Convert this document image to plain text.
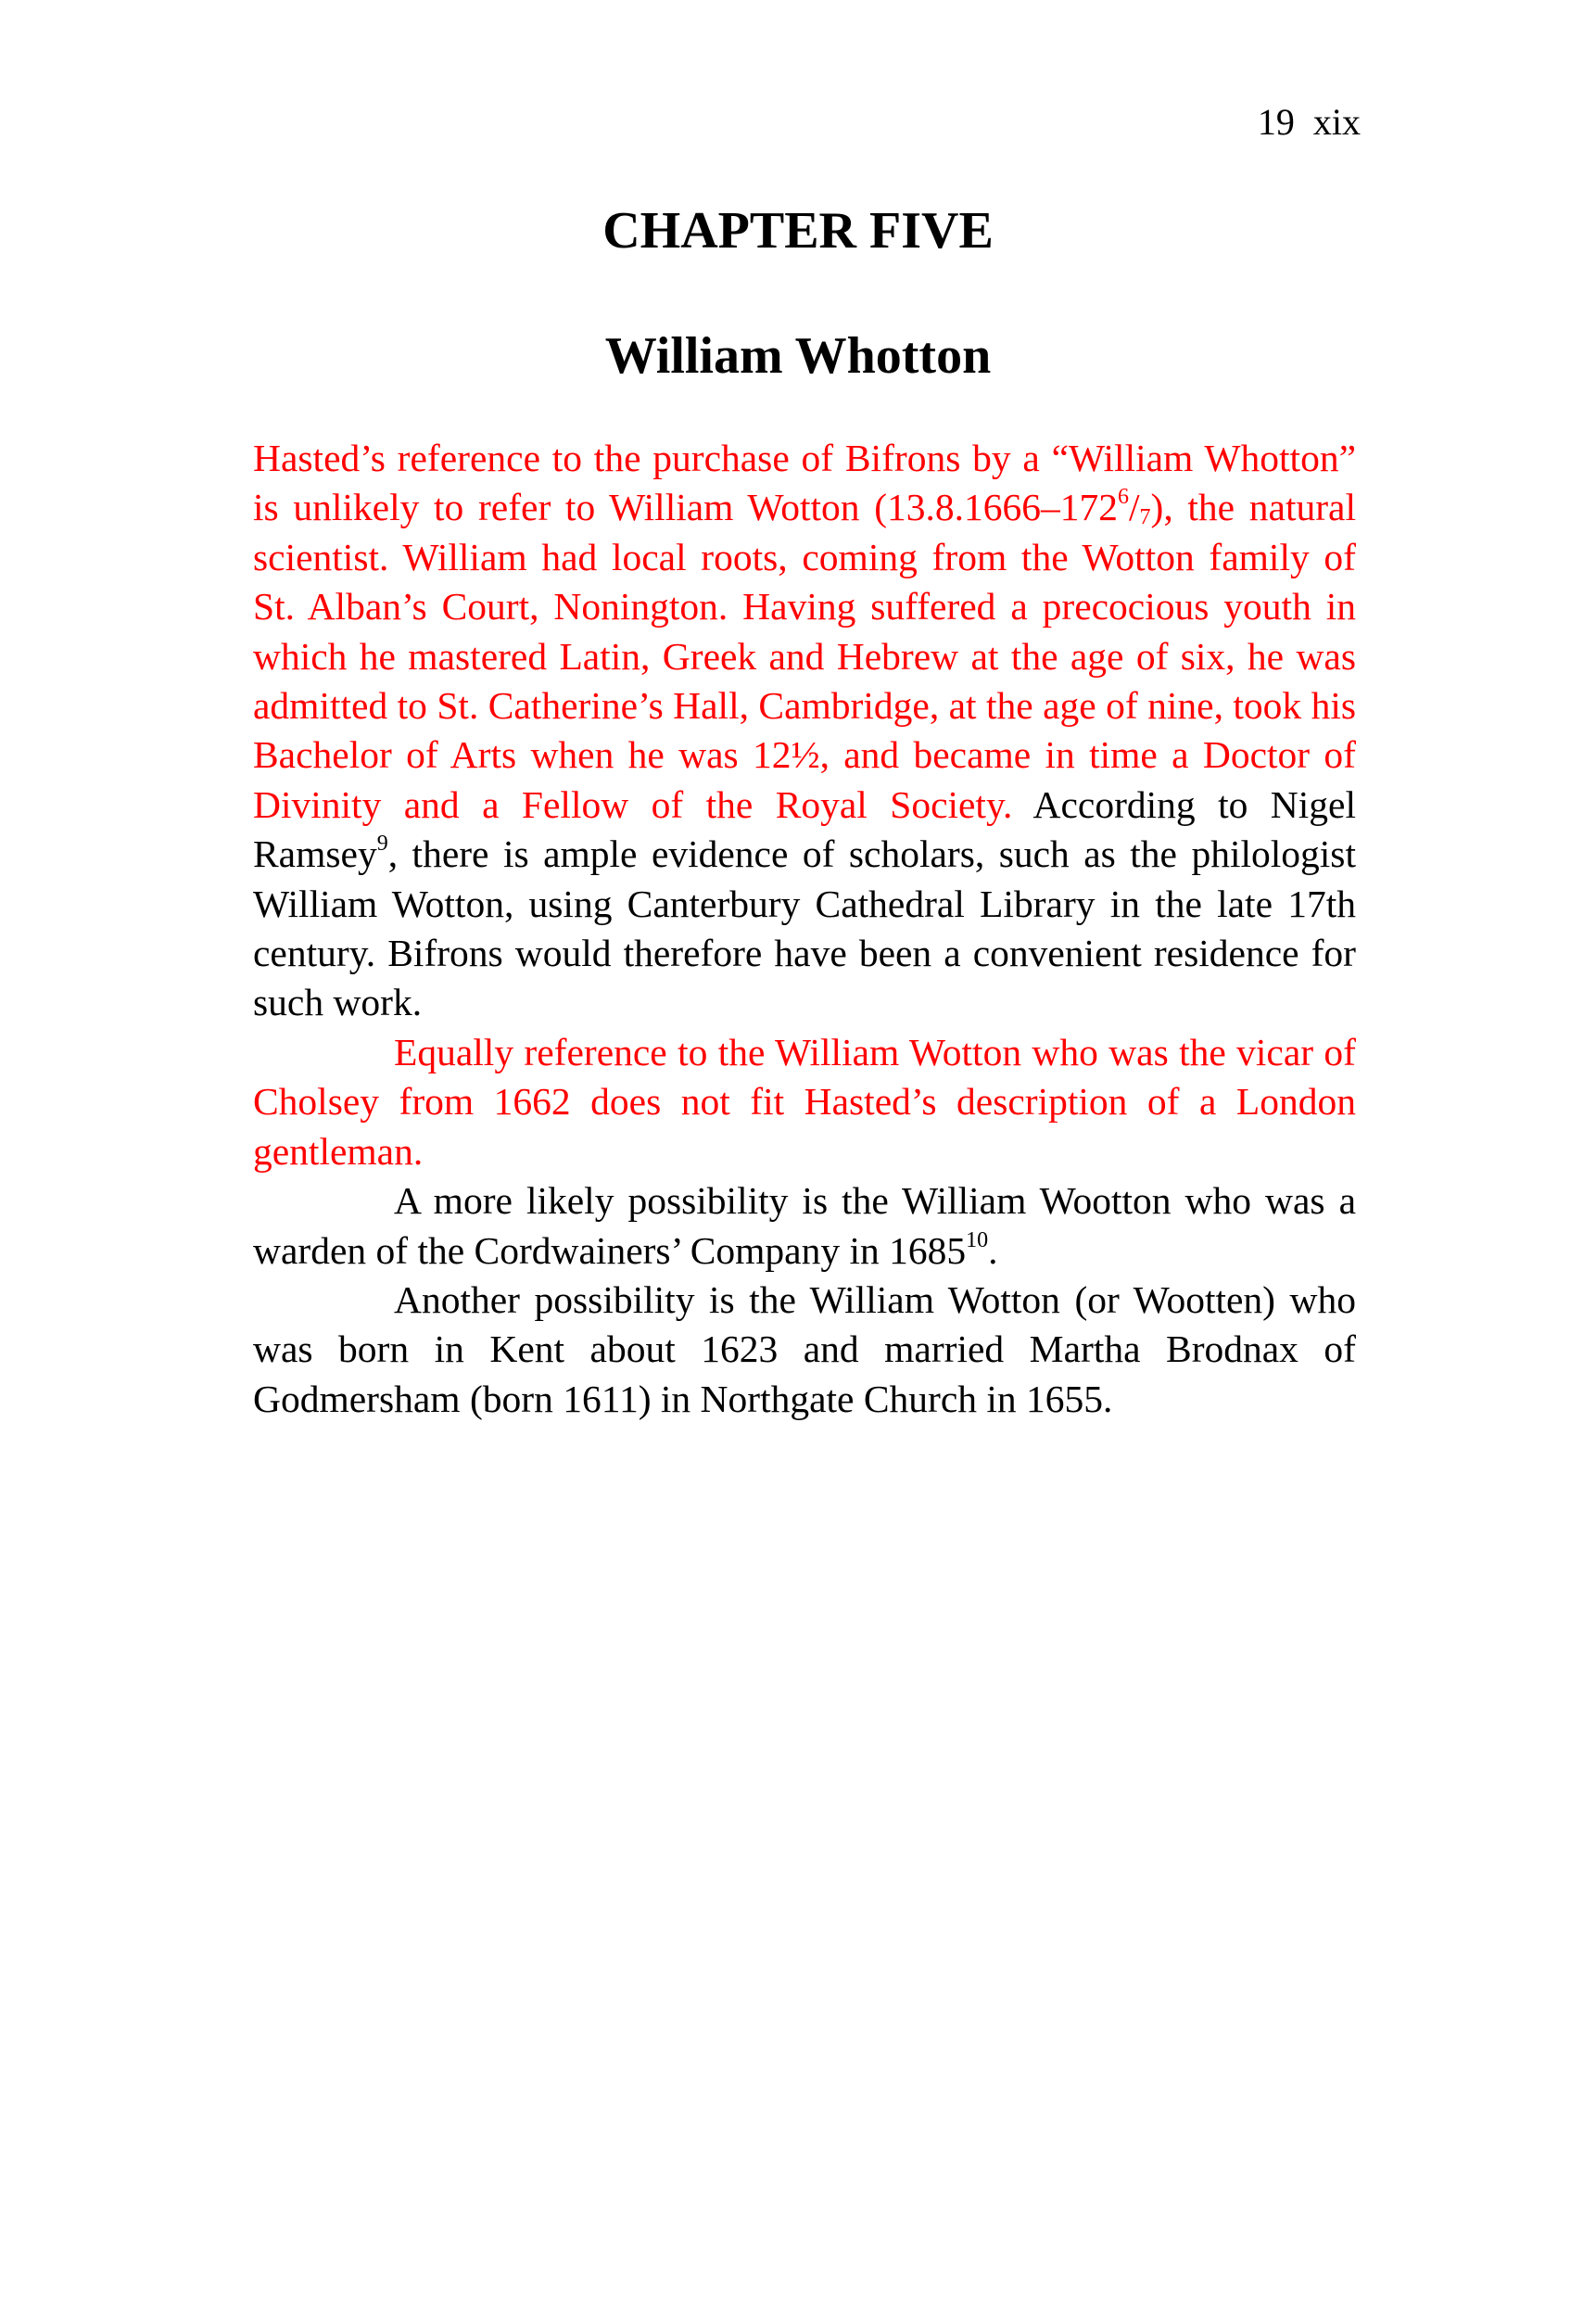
19  xix
CHAPTER FIVE
William Whotton

Hasted’s reference to the purchase of Bifrons by a “William Whotton” is unlikely to refer to William Wotton $(13.8.1666-172^6/_7)$, the natural scientist. William had local roots, coming from the Wotton family of St. Alban’s Court, Nonington. Having suffered a precocious youth in which he mastered Latin, Greek and Hebrew at the age of six, he was admitted to St. Catherine’s Hall, Cambridge, at the age of nine, took his Bachelor of Arts when he was 12½, and became in time a Doctor of Divinity and a Fellow of the Royal Society. According to Nigel Ramsey$^9$, there is ample evidence of scholars, such as the philologist William Wotton, using Canterbury Cathedral Library in the late 17th century. Bifrons would therefore have been a convenient residence for such work.

Equally reference to the William Wotton who was the vicar of Cholsey from 1662 does not fit Hasted’s description of a London gentleman.

A more likely possibility is the William Wootton who was a warden of the Cordwainers’ Company in 1685$^{10}$.

Another possibility is the William Wotton (or Wootten) who was born in Kent about 1623 and married Martha Brodnax of Godmersham (born 1611) in Northgate Church in 1655.
